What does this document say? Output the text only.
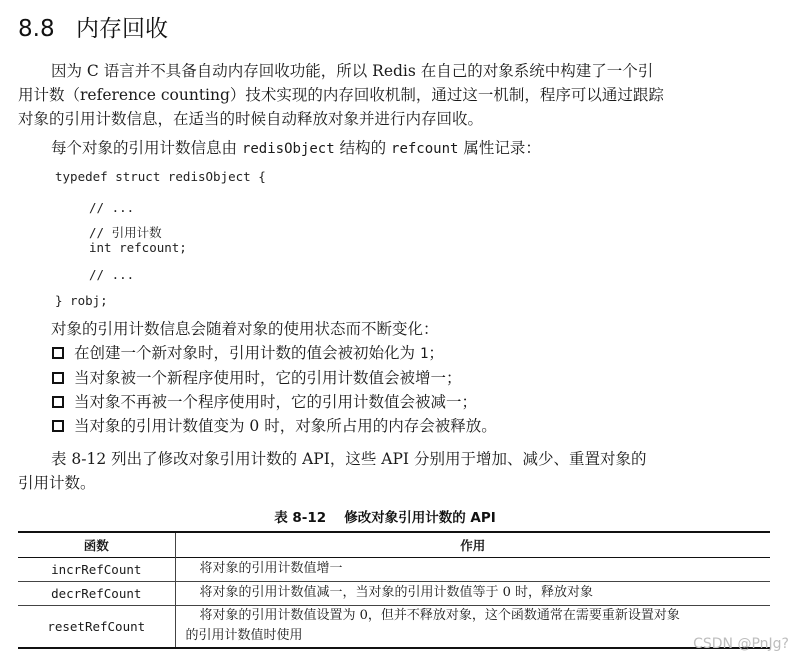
8.8 内存回收
因为 C 语言并不具备自动内存回收功能，所以 Redis 在自己的对象系统中构建了一个引
用计数（reference counting）技术实现的内存回收机制，通过这一机制，程序可以通过跟踪
对象的引用计数信息，在适当的时候自动释放对象并进行内存回收。
每个对象的引用计数信息由 redisObject 结构的 refcount 属性记录：
typedef struct redisObject {
// ...
// 引用计数
int refcount;
// ...
} robj;
对象的引用计数信息会随着对象的使用状态而不断变化：
在创建一个新对象时，引用计数的值会被初始化为 1；
当对象被一个新程序使用时，它的引用计数值会被增一；
当对象不再被一个程序使用时，它的引用计数值会被减一；
当对象的引用计数值变为 0 时，对象所占用的内存会被释放。
表 8-12 列出了修改对象引用计数的 API，这些 API 分别用于增加、减少、重置对象的
引用计数。
表 8-12 修改对象引用计数的 API
函数	作用
incrRefCount	将对象的引用计数值增一
decrRefCount	将对象的引用计数值减一，当对象的引用计数值等于 0 时，释放对象
resetRefCount	将对象的引用计数值设置为 0，但并不释放对象，这个函数通常在需要重新设置对象
的引用计数值时使用
CSDN @PnJg?
